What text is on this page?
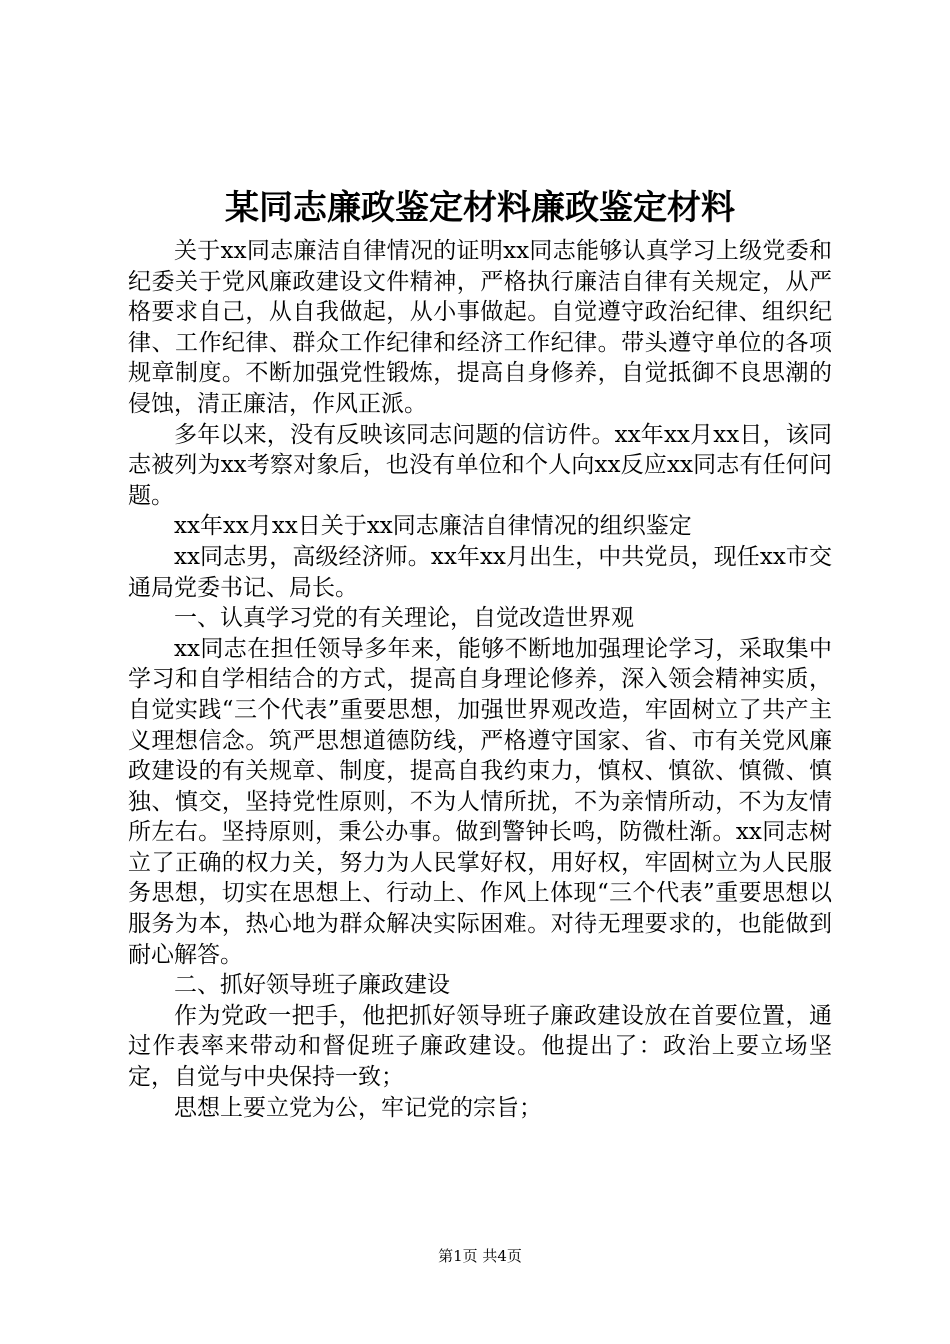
某同志廉政鉴定材料廉政鉴定材料

关于xx同志廉洁自律情况的证明xx同志能够认真学习上级党委和纪委关于党风廉政建设文件精神，严格执行廉洁自律有关规定，从严格要求自己，从自我做起，从小事做起。自觉遵守政治纪律、组织纪律、工作纪律、群众工作纪律和经济工作纪律。带头遵守单位的各项规章制度。不断加强党性锻炼，提高自身修养，自觉抵御不良思潮的侵蚀，清正廉洁，作风正派。

多年以来，没有反映该同志问题的信访件。xx年xx月xx日，该同志被列为xx考察对象后，也没有单位和个人向xx反应xx同志有任何问题。

xx年xx月xx日关于xx同志廉洁自律情况的组织鉴定

xx同志男，高级经济师。xx年xx月出生，中共党员，现任xx市交通局党委书记、局长。

一、认真学习党的有关理论，自觉改造世界观

xx同志在担任领导多年来，能够不断地加强理论学习，采取集中学习和自学相结合的方式，提高自身理论修养，深入领会精神实质，自觉实践“三个代表”重要思想，加强世界观改造，牢固树立了共产主义理想信念。筑严思想道德防线，严格遵守国家、省、市有关党风廉政建设的有关规章、制度，提高自我约束力，慎权、慎欲、慎微、慎独、慎交，坚持党性原则，不为人情所扰，不为亲情所动，不为友情所左右。坚持原则，秉公办事。做到警钟长鸣，防微杜渐。xx同志树立了正确的权力关，努力为人民掌好权，用好权，牢固树立为人民服务思想，切实在思想上、行动上、作风上体现“三个代表”重要思想以服务为本，热心地为群众解决实际困难。对待无理要求的，也能做到耐心解答。

二、抓好领导班子廉政建设

作为党政一把手，他把抓好领导班子廉政建设放在首要位置，通过作表率来带动和督促班子廉政建设。他提出了：政治上要立场坚定，自觉与中央保持一致；

思想上要立党为公，牢记党的宗旨；

第1页 共4页
